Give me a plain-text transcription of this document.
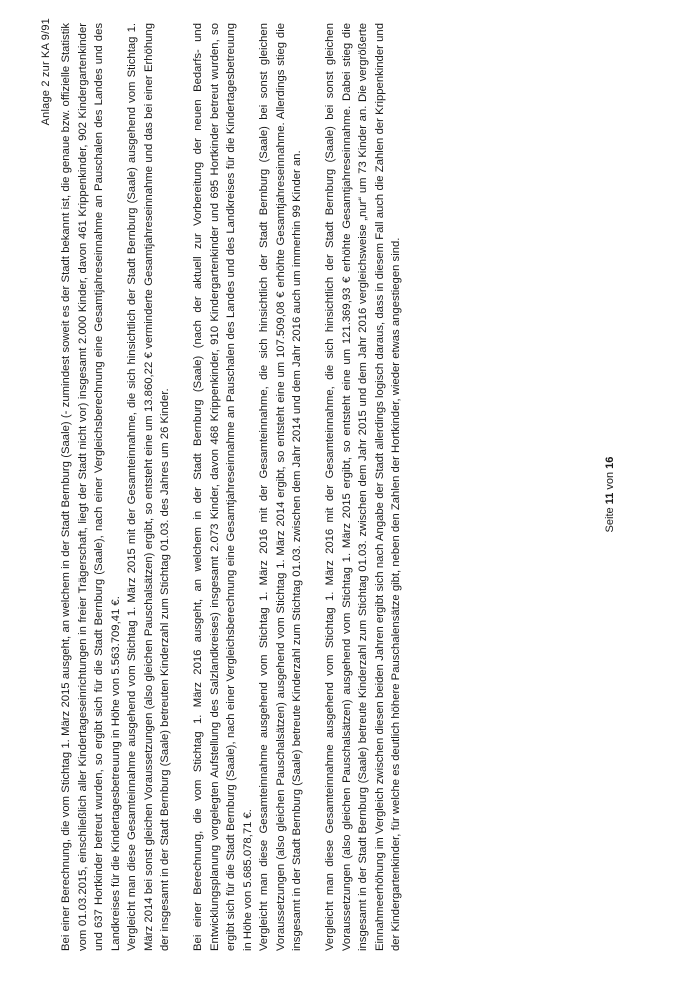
Anlage 2 zur KA 9/91 Bei einer Berechnung, die vom Stichtag 1. März 2015 ausgeht, an welchem in der Stadt Bernburg (Saale) (- zumindest soweit es der Stadt bekannt ist, die genaue bzw. offizielle Statistik vom 01.03.2015, einschließlich aller Kindertageseinrichtungen in freier Trägerschaft, liegt der Stadt nicht vor) insgesamt 2.000 Kinder, davon 461 Krippenkinder, 902 Kindergartenkinder und 637 Hortkinder betreut wurden, so ergibt sich für die Stadt Bernburg (Saale), nach einer Vergleichsberechnung eine Gesamtjahreseinnahme an Pauschalen des Landes und des Landkreises für die Kindertagesbetreuung in Höhe von 5.563.709,41 €. Vergleicht man diese Gesamteinnahme ausgehend vom Stichtag 1. März 2015 mit der Gesamteinnahme, die sich hinsichtlich der Stadt Bernburg (Saale) ausgehend vom Stichtag 1. März 2014 bei sonst gleichen Voraussetzungen (also gleichen Pauschalsätzen) ergibt, so entsteht eine um 13.860,22 € verminderte Gesamtjahreseinnahme und das bei einer Erhöhung der insgesamt in der Stadt Bernburg (Saale) betreuten Kinderzahl zum Stichtag 01.03. des Jahres um 26 Kinder. Bei einer Berechnung, die vom Stichtag 1. März 2016 ausgeht, an welchem in der Stadt Bernburg (Saale) (nach der aktuell zur Vorbereitung der neuen Bedarfs- und Entwicklungsplanung vorgelegten Aufstellung des Salzlandkreises) insgesamt 2.073 Kinder, davon 468 Krippenkinder, 910 Kindergartenkinder und 695 Hortkinder betreut wurden, so ergibt sich für die Stadt Bernburg (Saale), nach einer Vergleichsberechnung eine Gesamtjahreseinnahme an Pauschalen des Landes und des Landkreises für die Kindertagesbetreuung in Höhe von 5.685.078,71 €. Vergleicht man diese Gesamteinnahme ausgehend vom Stichtag 1. März 2016 mit der Gesamteinnahme, die sich hinsichtlich der Stadt Bernburg (Saale) bei sonst gleichen Voraussetzungen (also gleichen Pauschalsätzen) ausgehend vom Stichtag 1. März 2014 ergibt, so entsteht eine um 107.509,08 € erhöhte Gesamtjahreseinnahme. Allerdings stieg die insgesamt in der Stadt Bernburg (Saale) betreute Kinderzahl zum Stichtag 01.03. zwischen dem Jahr 2014 und dem Jahr 2016 auch um immerhin 99 Kinder an. Vergleicht man diese Gesamteinnahme ausgehend vom Stichtag 1. März 2016 mit der Gesamteinnahme, die sich hinsichtlich der Stadt Bernburg (Saale) bei sonst gleichen Voraussetzungen (also gleichen Pauschalsätzen) ausgehend vom Stichtag 1. März 2015 ergibt, so entsteht eine um 121.369,93 € erhöhte Gesamtjahreseinnahme. Dabei stieg die insgesamt in der Stadt Bernburg (Saale) betreute Kinderzahl zum Stichtag 01.03. zwischen dem Jahr 2015 und dem Jahr 2016 vergleichsweise „nur“ um 73 Kinder an. Die vergrößerte Einnahmeerhöhung im Vergleich zwischen diesen beiden Jahren ergibt sich nach Angabe der Stadt allerdings logisch daraus, dass in diesem Fall auch die Zahlen der Krippenkinder und der Kindergartenkinder, für welche es deutlich höhere Pauschalensätze gibt, neben den Zahlen der Hortkinder, wieder etwas angestiegen sind.	Seite 11 von 16
